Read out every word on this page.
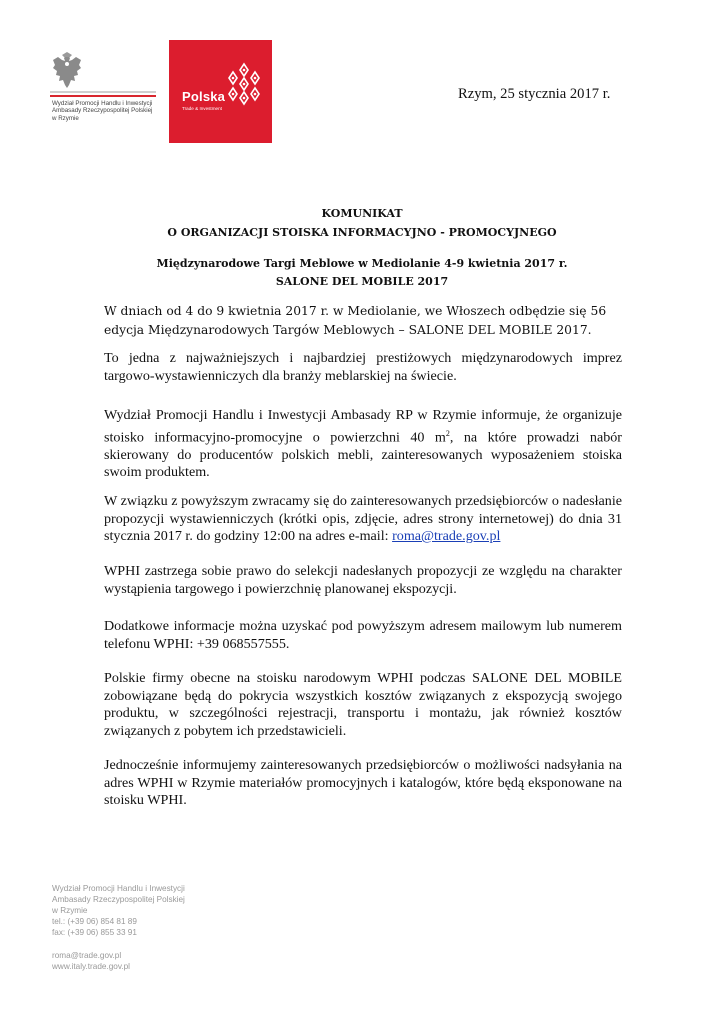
Wydział Promocji Handlu i Inwestycji
Ambasady Rzeczypospolitej Polskiej
w Rzymie
Polska
Trade & Investment
Rzym, 25 stycznia 2017 r.
KOMUNIKAT
O ORGANIZACJI STOISKA INFORMACYJNO - PROMOCYJNEGO
Międzynarodowe Targi Meblowe w Mediolanie 4-9 kwietnia 2017 r.
SALONE DEL MOBILE 2017
W dniach od 4 do 9 kwietnia 2017 r. w Mediolanie, we Włoszech odbędzie się 56 edycja Międzynarodowych Targów Meblowych – SALONE DEL MOBILE 2017.
To jedna z najważniejszych i najbardziej prestiżowych międzynarodowych imprez targowo-wystawienniczych dla branży meblarskiej na świecie.
Wydział Promocji Handlu i Inwestycji Ambasady RP w Rzymie informuje, że organizuje stoisko informacyjno-promocyjne o powierzchni 40 $m^2$, na które prowadzi nabór skierowany do producentów polskich mebli, zainteresowanych wyposażeniem stoiska swoim produktem.
W związku z powyższym zwracamy się do zainteresowanych przedsiębiorców o nadesłanie propozycji wystawienniczych (krótki opis, zdjęcie, adres strony internetowej) do dnia 31 stycznia 2017 r. do godziny 12:00 na adres e-mail: roma@trade.gov.pl
WPHI zastrzega sobie prawo do selekcji nadesłanych propozycji ze względu na charakter wystąpienia targowego i powierzchnię planowanej ekspozycji.
Dodatkowe informacje można uzyskać pod powyższym adresem mailowym lub numerem telefonu WPHI: +39 068557555.
Polskie firmy obecne na stoisku narodowym WPHI podczas SALONE DEL MOBILE zobowiązane będą do pokrycia wszystkich kosztów związanych z ekspozycją swojego produktu, w szczególności rejestracji, transportu i montażu, jak również kosztów związanych z pobytem ich przedstawicieli.
Jednocześnie informujemy zainteresowanych przedsiębiorców o możliwości nadsyłania na adres WPHI w Rzymie materiałów promocyjnych i katalogów, które będą eksponowane na stoisku WPHI.
Wydział Promocji Handlu i Inwestycji
Ambasady Rzeczypospolitej Polskiej
w Rzymie
tel.: (+39 06) 854 81 89
fax: (+39 06) 855 33 91
roma@trade.gov.pl
www.italy.trade.gov.pl
